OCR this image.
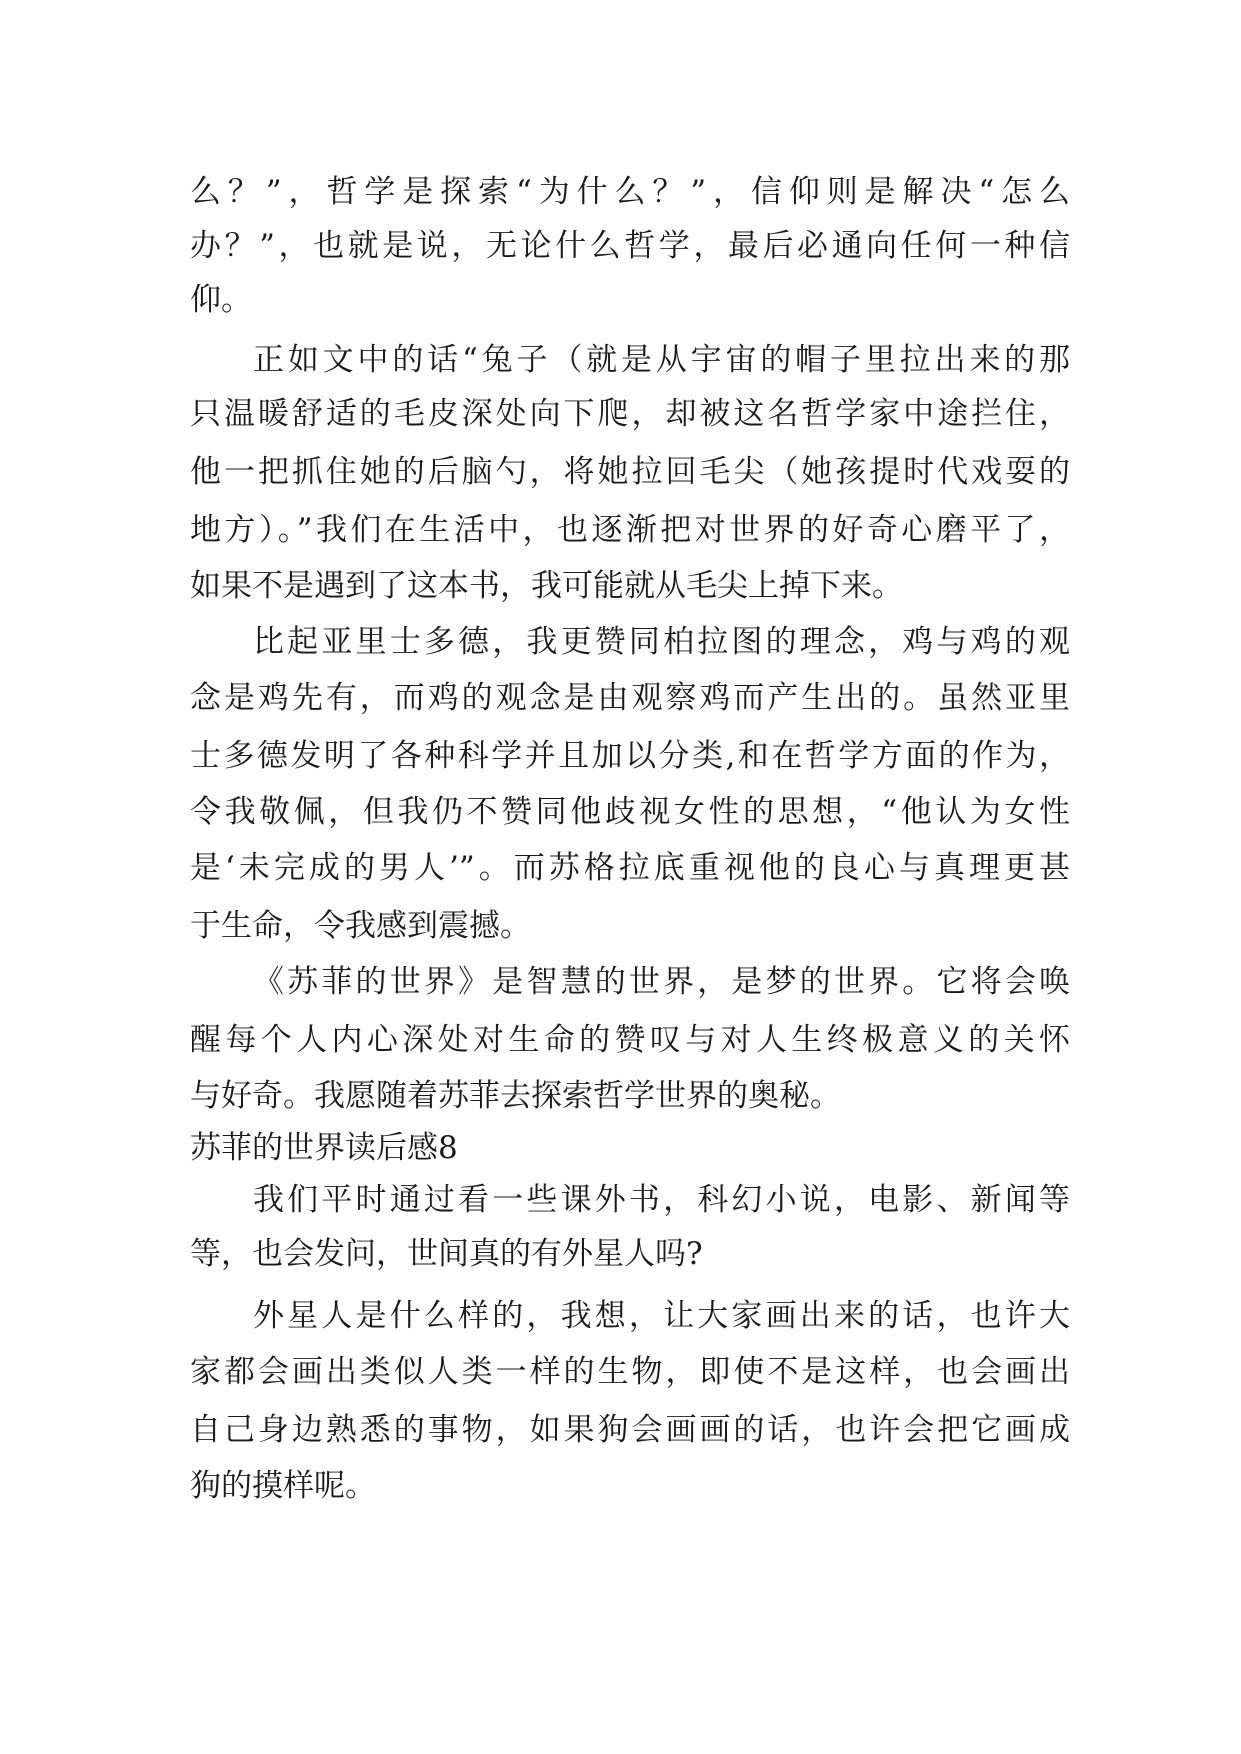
么？”，哲学是探索“为什么？”，信仰则是解决“怎么
办？”，也就是说，无论什么哲学，最后必通向任何一种信
仰。
正如文中的话“兔子（就是从宇宙的帽子里拉出来的那
只温暖舒适的毛皮深处向下爬，却被这名哲学家中途拦住，
他一把抓住她的后脑勺，将她拉回毛尖（她孩提时代戏耍的
地方）。”我们在生活中，也逐渐把对世界的好奇心磨平了，
如果不是遇到了这本书，我可能就从毛尖上掉下来。
比起亚里士多德，我更赞同柏拉图的理念，鸡与鸡的观
念是鸡先有，而鸡的观念是由观察鸡而产生出的。虽然亚里
士多德发明了各种科学并且加以分类,和在哲学方面的作为，
令我敬佩，但我仍不赞同他歧视女性的思想，“他认为女性
是‘未完成的男人’”。而苏格拉底重视他的良心与真理更甚
于生命，令我感到震撼。
《苏菲的世界》是智慧的世界，是梦的世界。它将会唤
醒每个人内心深处对生命的赞叹与对人生终极意义的关怀
与好奇。我愿随着苏菲去探索哲学世界的奥秘。
苏菲的世界读后感8
我们平时通过看一些课外书，科幻小说，电影、新闻等
等，也会发问，世间真的有外星人吗?
外星人是什么样的，我想，让大家画出来的话，也许大
家都会画出类似人类一样的生物，即使不是这样，也会画出
自己身边熟悉的事物，如果狗会画画的话，也许会把它画成
狗的摸样呢。
